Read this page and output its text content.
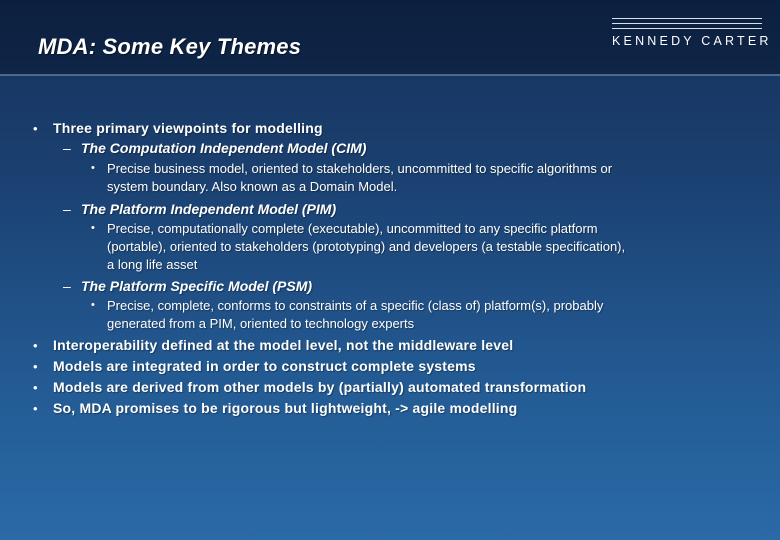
MDA: Some Key Themes	KENNEDY CARTER
• Three primary viewpoints for modelling
– The Computation Independent Model (CIM)
• Precise business model, oriented to stakeholders, uncommitted to specific algorithms or
system boundary. Also known as a Domain Model.
– The Platform Independent Model (PIM)
• Precise, computationally complete (executable), uncommitted to any specific platform
(portable), oriented to stakeholders (prototyping) and developers (a testable specification),
a long life asset
– The Platform Specific Model (PSM)
• Precise, complete, conforms to constraints of a specific (class of) platform(s), probably
generated from a PIM, oriented to technology experts
• Interoperability defined at the model level, not the middleware level
• Models are integrated in order to construct complete systems
• Models are derived from other models by (partially) automated transformation
• So, MDA promises to be rigorous but lightweight, -> agile modelling
